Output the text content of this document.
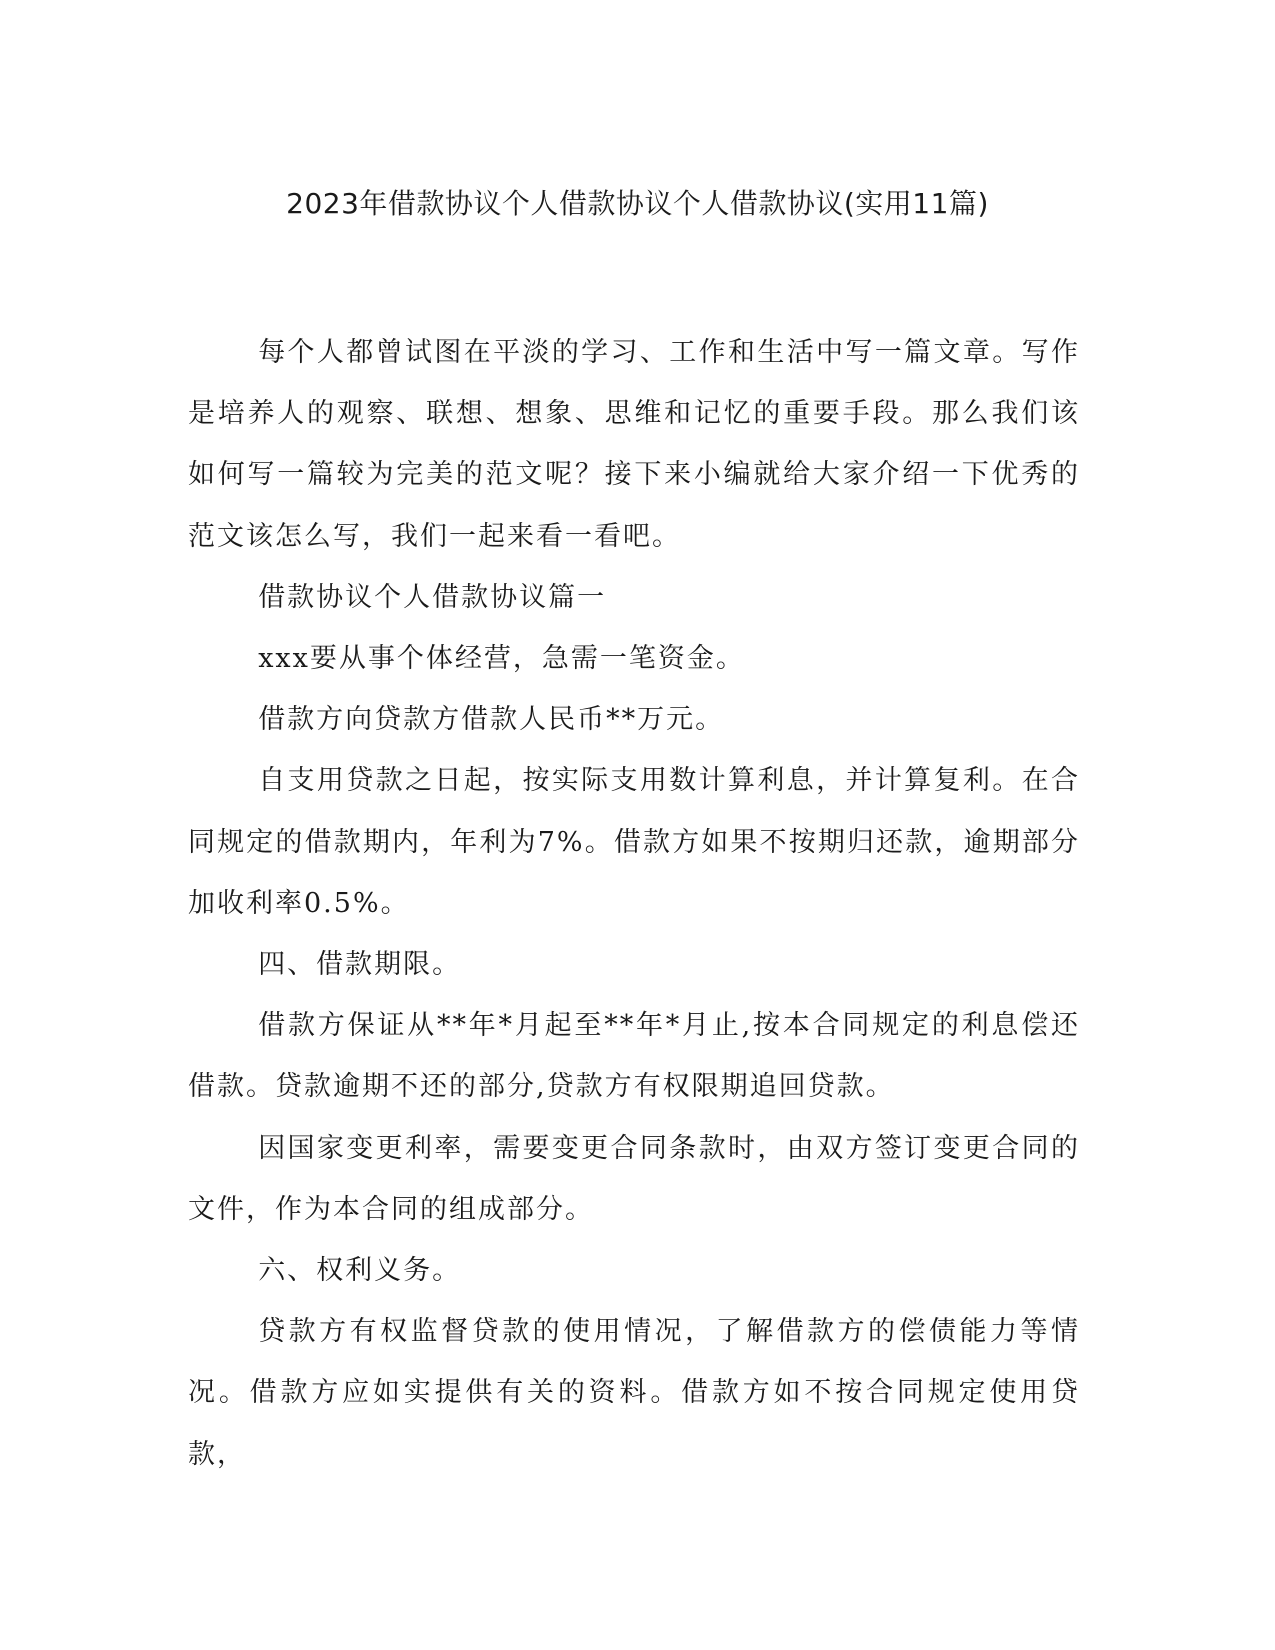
2023年借款协议个人借款协议个人借款协议(实用11篇)

每个人都曾试图在平淡的学习、工作和生活中写一篇文章。写作是培养人的观察、联想、想象、思维和记忆的重要手段。那么我们该如何写一篇较为完美的范文呢？接下来小编就给大家介绍一下优秀的范文该怎么写，我们一起来看一看吧。

借款协议个人借款协议篇一

xxx要从事个体经营，急需一笔资金。

借款方向贷款方借款人民币**万元。

自支用贷款之日起，按实际支用数计算利息，并计算复利。在合同规定的借款期内，年利为7%。借款方如果不按期归还款，逾期部分加收利率0.5%。

四、借款期限。

借款方保证从**年*月起至**年*月止,按本合同规定的利息偿还借款。贷款逾期不还的部分,贷款方有权限期追回贷款。

因国家变更利率，需要变更合同条款时，由双方签订变更合同的文件，作为本合同的组成部分。

六、权利义务。

贷款方有权监督贷款的使用情况，了解借款方的偿债能力等情况。借款方应如实提供有关的资料。借款方如不按合同规定使用贷款，
